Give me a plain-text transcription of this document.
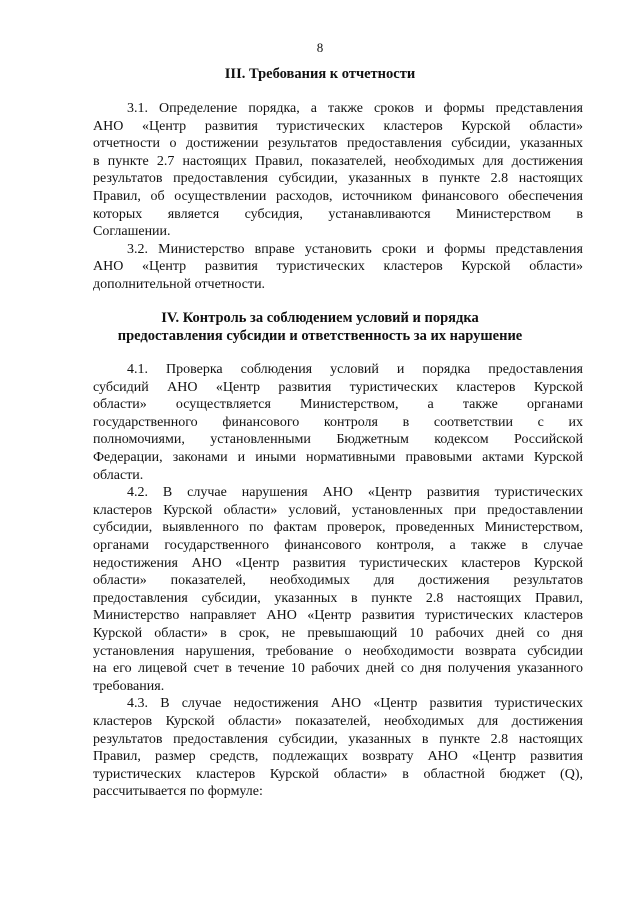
8
III. Требования к отчетности
3.1. Определение порядка, а также сроков и формы представления
АНО «Центр развития туристических кластеров Курской области»
отчетности о достижении результатов предоставления субсидии, указанных
в пункте 2.7 настоящих Правил, показателей, необходимых для достижения
результатов предоставления субсидии, указанных в пункте 2.8 настоящих
Правил, об осуществлении расходов, источником финансового обеспечения
которых является субсидия, устанавливаются Министерством в
Соглашении.
3.2. Министерство вправе установить сроки и формы представления
АНО «Центр развития туристических кластеров Курской области»
дополнительной отчетности.
IV. Контроль за соблюдением условий и порядка
предоставления субсидии и ответственность за их нарушение
4.1. Проверка соблюдения условий и порядка предоставления
субсидий АНО «Центр развития туристических кластеров Курской
области» осуществляется Министерством, а также органами
государственного финансового контроля в соответствии с их
полномочиями, установленными Бюджетным кодексом Российской
Федерации, законами и иными нормативными правовыми актами Курской
области.
4.2. В случае нарушения АНО «Центр развития туристических
кластеров Курской области» условий, установленных при предоставлении
субсидии, выявленного по фактам проверок, проведенных Министерством,
органами государственного финансового контроля, а также в случае
недостижения АНО «Центр развития туристических кластеров Курской
области» показателей, необходимых для достижения результатов
предоставления субсидии, указанных в пункте 2.8 настоящих Правил,
Министерство направляет АНО «Центр развития туристических кластеров
Курской области» в срок, не превышающий 10 рабочих дней со дня
установления нарушения, требование о необходимости возврата субсидии
на его лицевой счет в течение 10 рабочих дней со дня получения указанного
требования.
4.3. В случае недостижения АНО «Центр развития туристических
кластеров Курской области» показателей, необходимых для достижения
результатов предоставления субсидии, указанных в пункте 2.8 настоящих
Правил, размер средств, подлежащих возврату АНО «Центр развития
туристических кластеров Курской области» в областной бюджет (Q),
рассчитывается по формуле:
